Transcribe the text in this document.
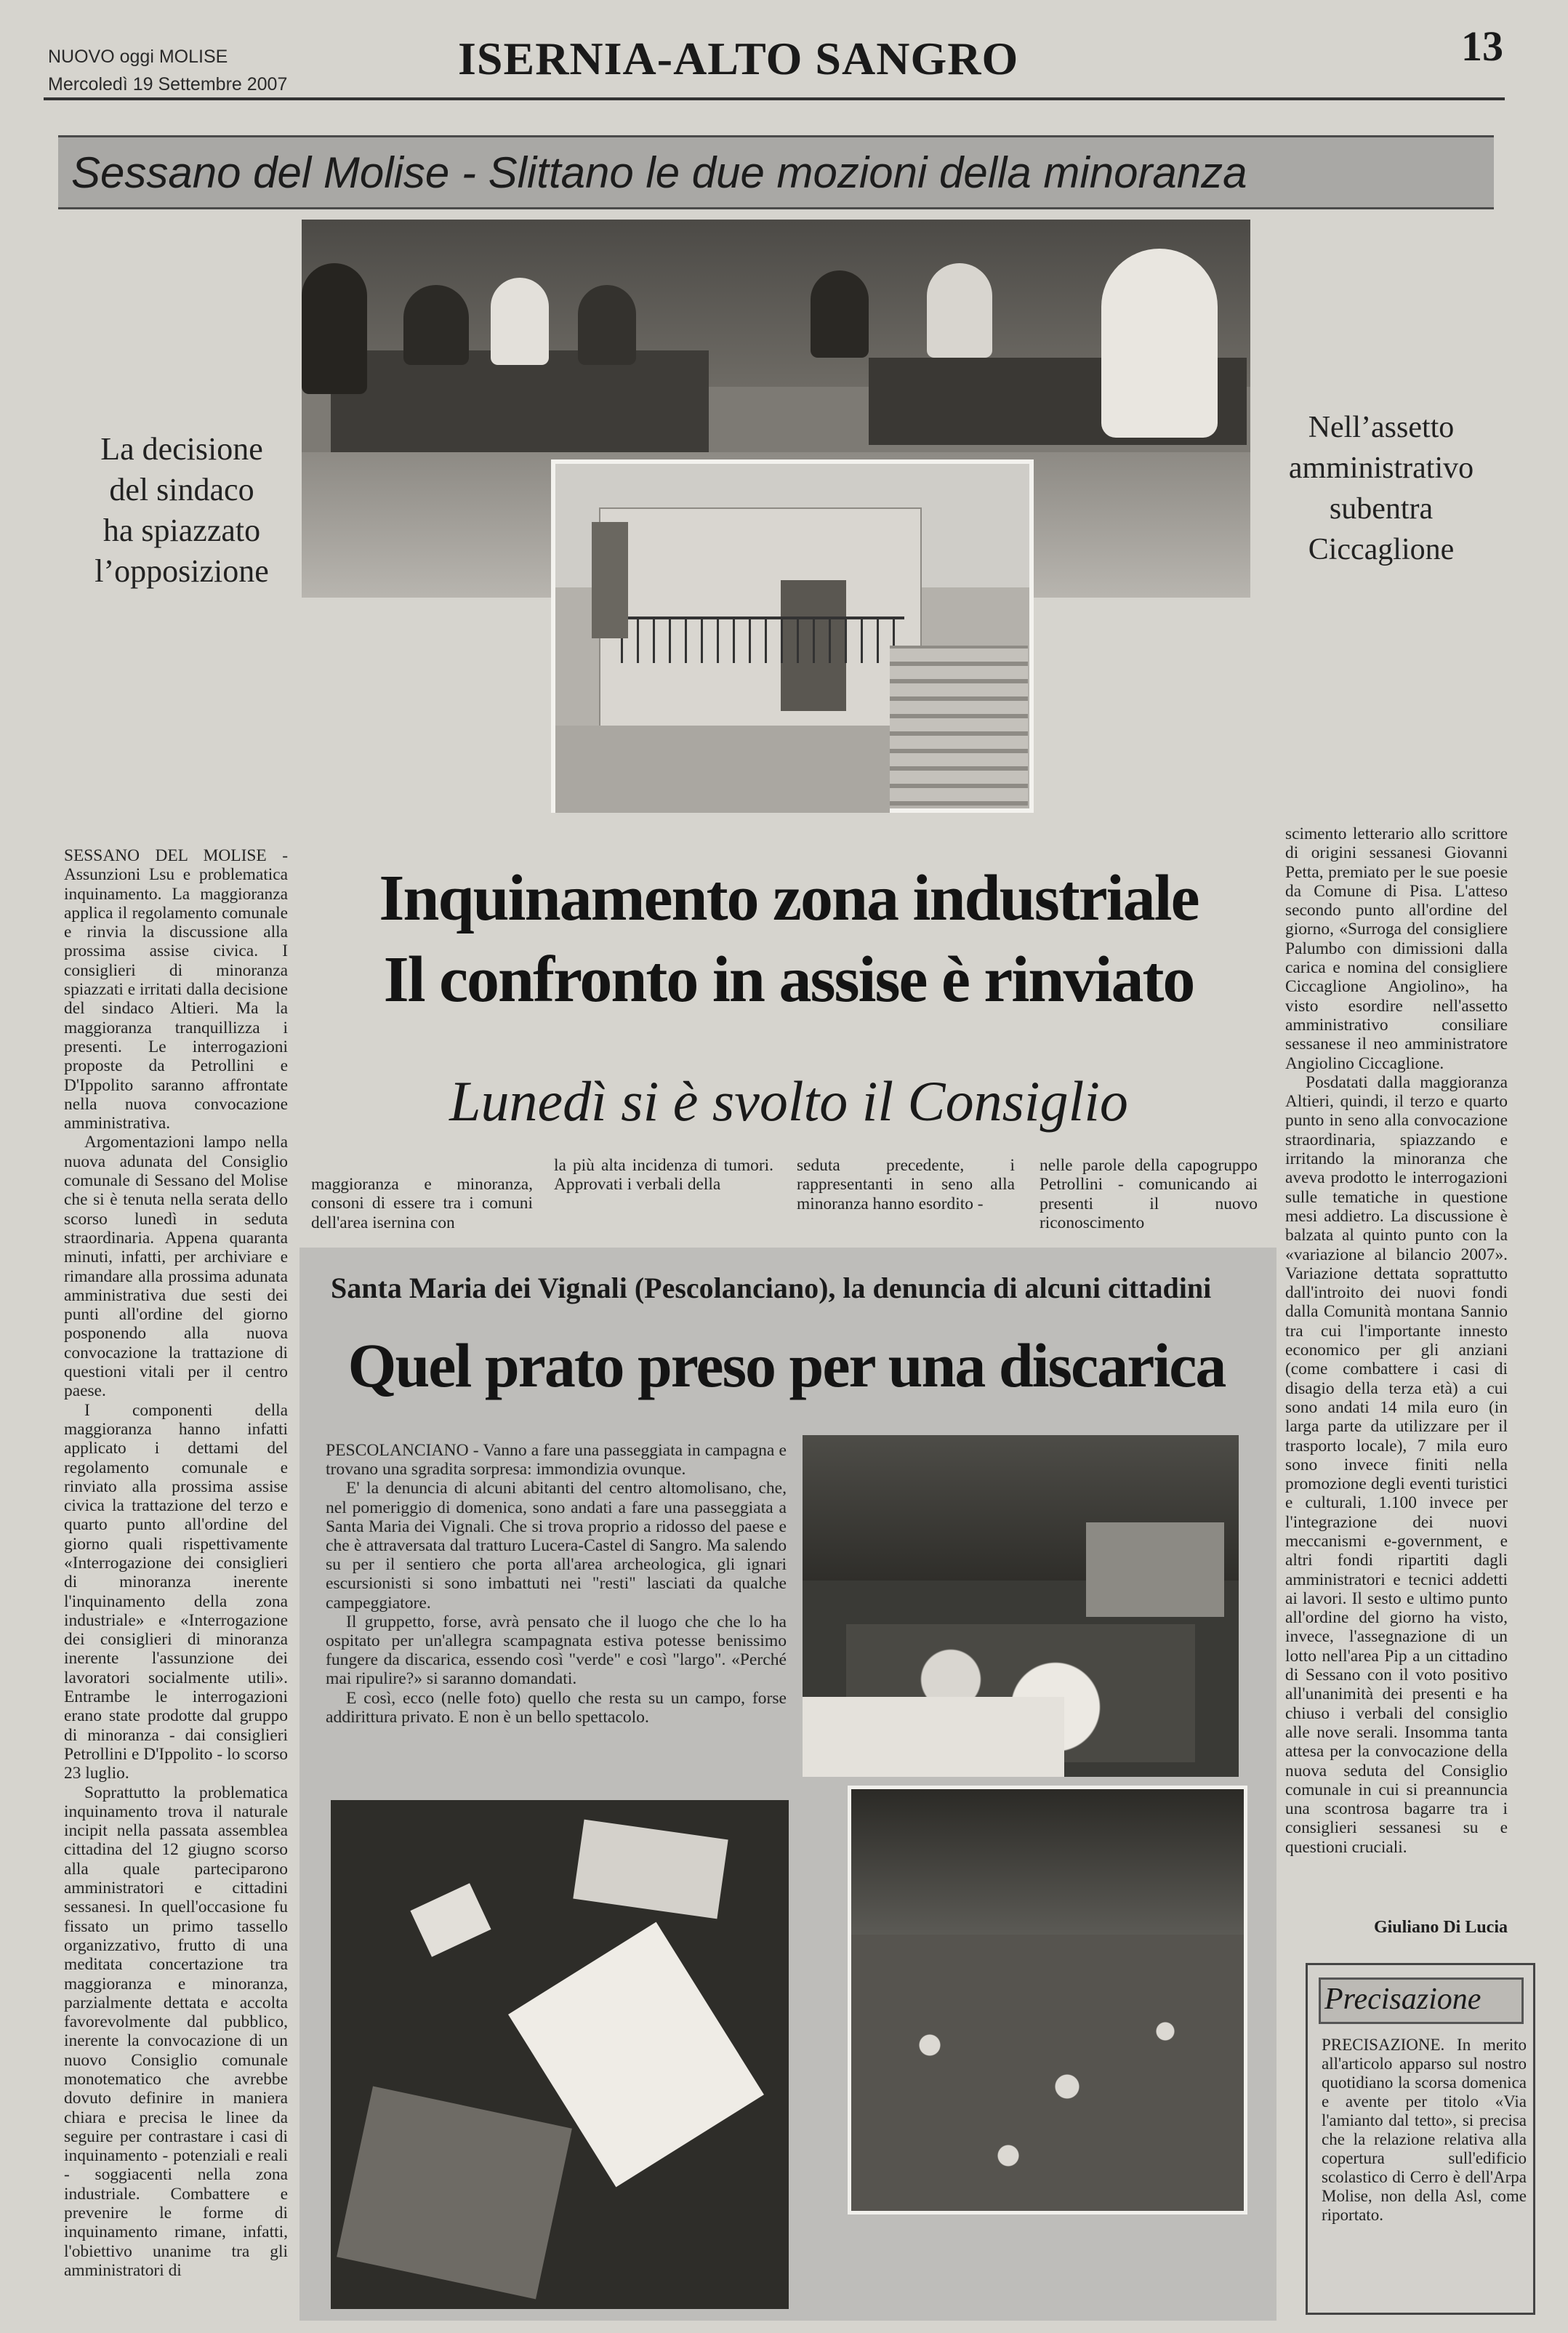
NUOVO oggi MOLISE
Mercoledì 19 Settembre 2007	ISERNIA-ALTO SANGRO	13
Sessano del Molise - Slittano le due mozioni della minoranza
La decisione
del sindaco
ha spiazzato
l’opposizione
Nell’assetto
amministrativo
subentra
Ciccaglione

SESSANO DEL MOLISE - Assunzioni Lsu e problematica inquinamento. La maggioranza applica il regolamento comunale e rinvia la discussione alla prossima assise civica. I consiglieri di minoranza spiazzati e irritati dalla decisione del sindaco Altieri. Ma la maggioranza tranquillizza i presenti. Le interrogazioni proposte da Petrollini e D'Ippolito saranno affrontate nella nuova convocazione amministrativa.

Argomentazioni lampo nella nuova adunata del Consiglio comunale di Sessano del Molise che si è tenuta nella serata dello scorso lunedì in seduta straordinaria. Appena quaranta minuti, infatti, per archiviare e rimandare alla prossima adunata amministrativa due sesti dei punti all'ordine del giorno posponendo alla nuova convocazione la trattazione di questioni vitali per il centro paese.

I componenti della maggioranza hanno infatti applicato i dettami del regolamento comunale e rinviato alla prossima assise civica la trattazione del terzo e quarto punto all'ordine del giorno quali rispettivamente «Interrogazione dei consiglieri di minoranza inerente l'inquinamento della zona industriale» e «Interrogazione dei consiglieri di minoranza inerente l'assunzione dei lavoratori socialmente utili». Entrambe le interrogazioni erano state prodotte dal gruppo di minoranza - dai consiglieri Petrollini e D'Ippolito - lo scorso 23 luglio.

Soprattutto la problematica inquinamento trova il naturale incipit nella passata assemblea cittadina del 12 giugno scorso alla quale parteciparono amministratori e cittadini sessanesi. In quell'occasione fu fissato un primo tassello organizzativo, frutto di una meditata concertazione tra maggioranza e minoranza, parzialmente dettata e accolta favorevolmente dal pubblico, inerente la convocazione di un nuovo Consiglio comunale monotematico che avrebbe dovuto definire in maniera chiara e precisa le linee da seguire per contrastare i casi di inquinamento - potenziali e reali - soggiacenti nella zona industriale. Combattere e prevenire le forme di inquinamento rimane, infatti, l'obiettivo unanime tra gli amministratori di

Inquinamento zona industriale
Il confronto in assise è rinviato
Lunedì si è svolto il Consiglio
maggioranza e minoranza, consoni di essere tra i comuni dell'area isernina con
la più alta incidenza di tumori. Approvati i verbali della
seduta precedente, i rappresentanti in seno alla minoranza hanno esordito -
nelle parole della capogruppo Petrollini - comunicando ai presenti il nuovo riconoscimento

scimento letterario allo scrittore di origini sessanesi Giovanni Petta, premiato per le sue poesie da Comune di Pisa. L'atteso secondo punto all'ordine del giorno, «Surroga del consigliere Palumbo con dimissioni dalla carica e nomina del consigliere Ciccaglione Angiolino», ha visto esordire nell'assetto amministrativo consiliare sessanese il neo amministratore Angiolino Ciccaglione.

Posdatati dalla maggioranza Altieri, quindi, il terzo e quarto punto in seno alla convocazione straordinaria, spiazzando e irritando la minoranza che aveva prodotto le interrogazioni sulle tematiche in questione mesi addietro. La discussione è balzata al quinto punto con la «variazione al bilancio 2007». Variazione dettata soprattutto dall'introito dei nuovi fondi dalla Comunità montana Sannio tra cui l'importante innesto economico per gli anziani (come combattere i casi di disagio della terza età) a cui sono andati 14 mila euro (in larga parte da utilizzare per il trasporto locale), 7 mila euro sono invece finiti nella promozione degli eventi turistici e culturali, 1.100 invece per l'integrazione dei nuovi meccanismi e-government, e altri fondi ripartiti dagli amministratori e tecnici addetti ai lavori. Il sesto e ultimo punto all'ordine del giorno ha visto, invece, l'assegnazione di un lotto nell'area Pip a un cittadino di Sessano con il voto positivo all'unanimità dei presenti e ha chiuso i verbali del consiglio alle nove serali. Insomma tanta attesa per la convocazione della nuova seduta del Consiglio comunale in cui si preannuncia una scontrosa bagarre tra i consiglieri sessanesi su e questioni cruciali.

Giuliano Di Lucia
Santa Maria dei Vignali (Pescolanciano), la denuncia di alcuni cittadini
Quel prato preso per una discarica

PESCOLANCIANO - Vanno a fare una passeggiata in campagna e trovano una sgradita sorpresa: immondizia ovunque.

E' la denuncia di alcuni abitanti del centro altomolisano, che, nel pomeriggio di domenica, sono andati a fare una passeggiata a Santa Maria dei Vignali. Che si trova proprio a ridosso del paese e che è attraversata dal tratturo Lucera-Castel di Sangro. Ma salendo su per il sentiero che porta all'area archeologica, gli ignari escursionisti si sono imbattuti nei "resti" lasciati da qualche campeggiatore.

Il gruppetto, forse, avrà pensato che il luogo che che lo ha ospitato per un'allegra scampagnata estiva potesse benissimo fungere da discarica, essendo così "verde" e così "largo". «Perché mai ripulire?» si saranno domandati.

E così, ecco (nelle foto) quello che resta su un campo, forse addirittura privato. E non è un bello spettacolo.

Precisazione
PRECISAZIONE. In merito all'articolo apparso sul nostro quotidiano la scorsa domenica e avente per titolo «Via l'amianto dal tetto», si precisa che la relazione relativa alla copertura sull'edificio scolastico di Cerro è dell'Arpa Molise, non della Asl, come riportato.
